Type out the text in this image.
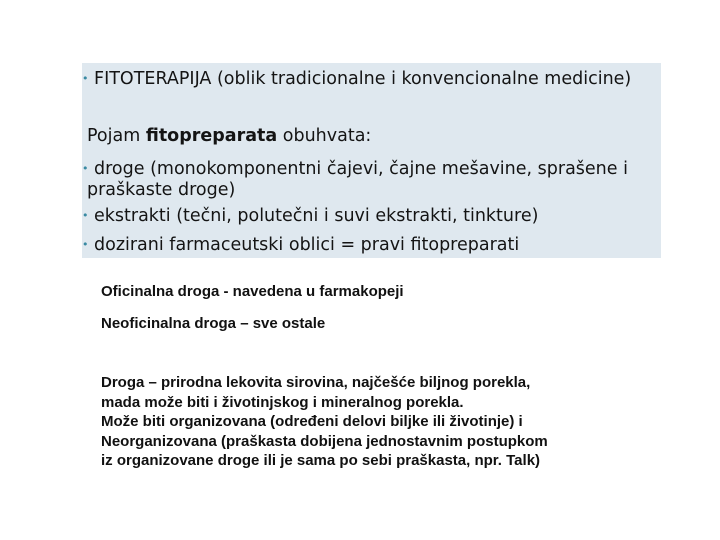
• FITOTERAPIJA (oblik tradicionalne i konvencionalne medicine)
Pojam fitopreparata obuhvata:
• droge (monokomponentni čajevi, čajne mešavine, sprašene i
praškaste droge)
• ekstrakti (tečni, polutečni i suvi ekstrakti, tinkture)
• dozirani farmaceutski oblici = pravi fitopreparati
Oficinalna droga - navedena u farmakopeji
Neoficinalna droga – sve ostale
Droga – prirodna lekovita sirovina, najčešće biljnog porekla,
mada može biti i životinjskog i mineralnog porekla.
Može biti organizovana (određeni delovi biljke ili životinje) i
Neorganizovana (praškasta dobijena jednostavnim postupkom
iz organizovane droge ili je sama po sebi praškasta, npr. Talk)
